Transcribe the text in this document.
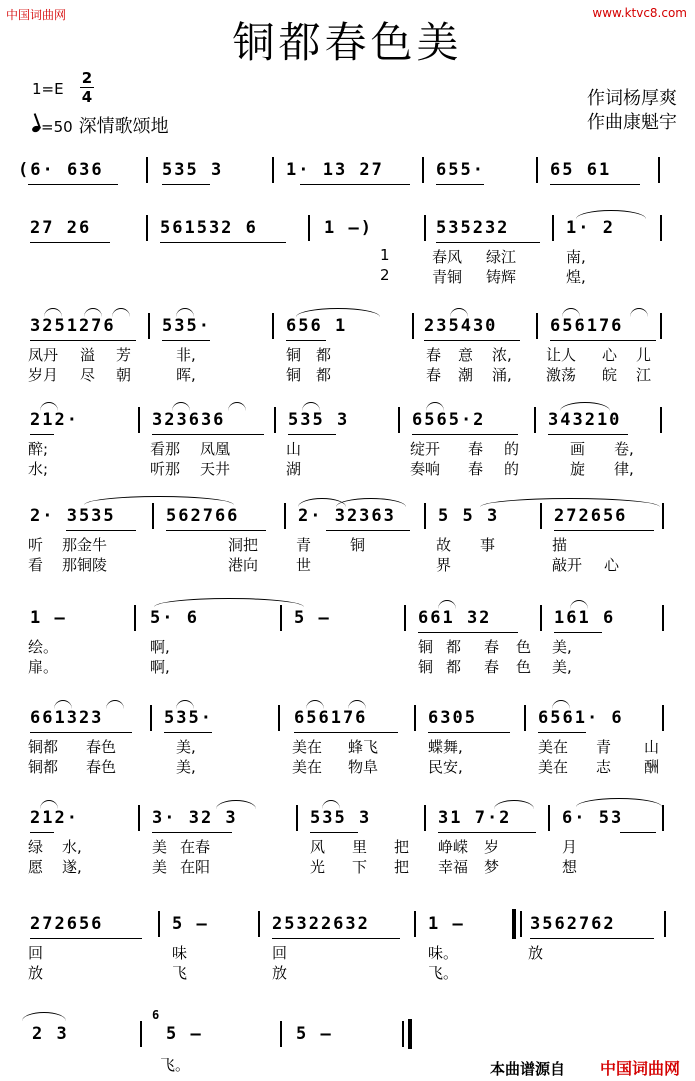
中国词曲网	www.ktvc8.com
铜都春色美
1=E
2
4
=50 深情歌颂地
作词杨厚爽
作曲康魁宇
(6· 636	535 3	1· 13 27	655·	65 61
27 26	561532 6	1 —)	535232	1· 2
1	春风 绿江	南,
2	青铜 铸辉	煌,
3251276	535·	656 1	235430	656176
凤丹 溢 芳	非,	铜 都	春 意 浓, 让人 心 儿
岁月 尽 朝	晖,	铜 都	春 潮 涌, 激荡 皖 江
212·	323636	535 3	6565·2	343210
醉;	看那 凤凰	山	绽开 春 的	画 卷,
水;	听那 天井	湖	奏响 春 的	旋 律,
2· 3535	562766	2· 32363 5 5 3	272656
听 那金牛	洞把	青	铜	故 事	描
看 那铜陵	港向	世	界	敲开 心
1 —	5· 6	5 —	661 32	161 6
绘。	啊,	铜 都 春 色 美,
扉。	啊,	铜 都 春 色 美,
661323	535·	656176	6305	6561· 6
铜都 春色	美,	美在 蜂飞	蝶舞,	美在 青 山
铜都 春色	美,	美在 物阜	民安,	美在 志 酬
212·	3· 32 3	535 3	31 7·2	6· 53
绿 水,	美 在春	风 里 把 峥嵘 岁	月
愿 遂,	美 在阳	光 下 把 幸福 梦	想
272656	5 —	25322632	1 —	3562762
回	味	回	味。	放
放	飞	放	飞。
2 3
6
5 —	5 —
飞。	本曲谱源自 中国词曲网
